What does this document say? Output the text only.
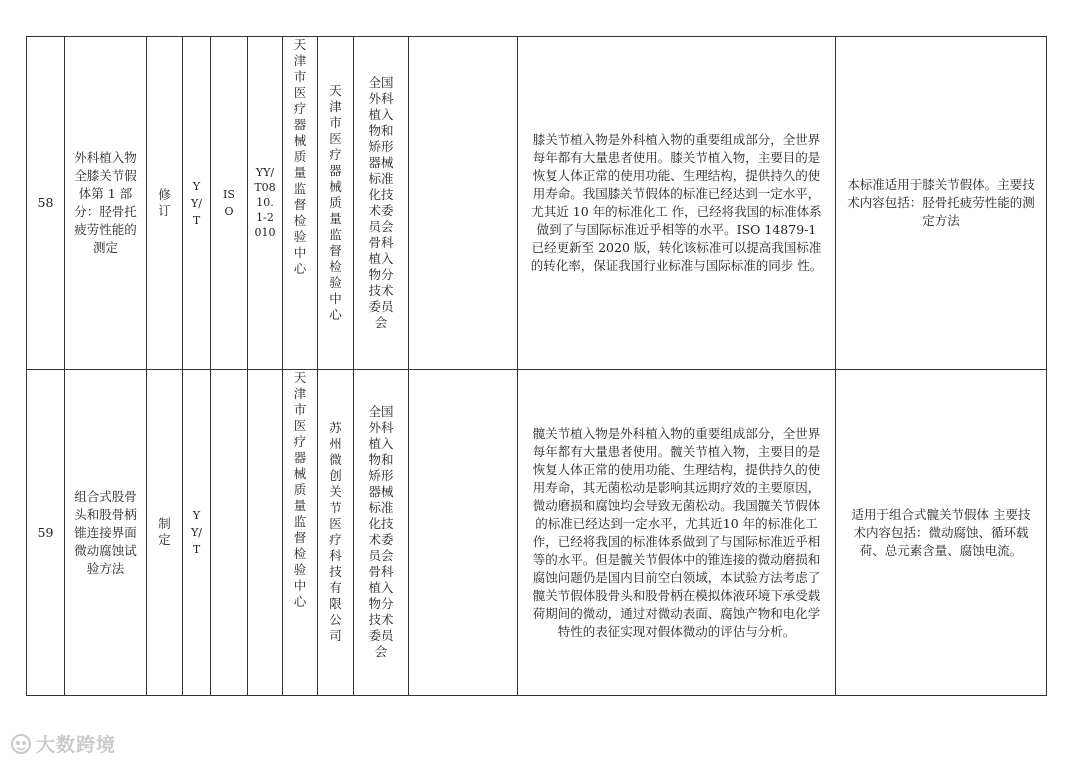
58	外科植入物全膝关节假体第 1 部分：胫骨托疲劳性能的测定	修订	YY/T	ISO	YY/T0810.1-2010	天津市医疗器械质量监督检验中心	天津市医疗器械质量监督检验中心	全国外科植入物和矫形器械标准化技术委员会骨科植入物分技术委员会		膝关节植入物是外科植入物的重要组成部分，全世界每年都有大量患者使用。膝关节植入物，主要目的是恢复人体正常的使用功能、生理结构，提供持久的使用寿命。我国膝关节假体的标准已经达到一定水平，尤其近 10 年的标准化工 作，已经将我国的标准体系做到了与国际标准近乎相等的水平。ISO 14879-1 已经更新至 2020 版，转化该标准可以提高我国标准的转化率，保证我国行业标准与国际标准的同步 性。	本标准适用于膝关节假体。主要技术内容包括：胫骨托疲劳性能的测定方法
59	组合式股骨头和股骨柄锥连接界面微动腐蚀试验方法	制定	YY/T			天津市医疗器械质量监督检验中心	苏州微创关节医疗科技有限公司	全国外科植入物和矫形器械标准化技术委员会骨科植入物分技术委员会		髋关节植入物是外科植入物的重要组成部分，全世界每年都有大量患者使用。髋关节植入物，主要目的是恢复人体正常的使用功能、生理结构，提供持久的使用寿命，其无菌松动是影响其远期疗效的主要原因，微动磨损和腐蚀均会导致无菌松动。我国髋关节假体的标准已经达到一定水平，尤其近10 年的标准化工作，已经将我国的标准体系做到了与国际标准近乎相等的水平。但是髋关节假体中的锥连接的微动磨损和腐蚀问题仍是国内目前空白领域，本试验方法考虑了髋关节假体股骨头和股骨柄在模拟体液环境下承受载荷期间的微动，通过对微动表面、腐蚀产物和电化学特性的表征实现对假体微动的评估与分析。	适用于组合式髋关节假体 主要技术内容包括：微动腐蚀、循环载荷、总元素含量、腐蚀电流。
大数跨境
